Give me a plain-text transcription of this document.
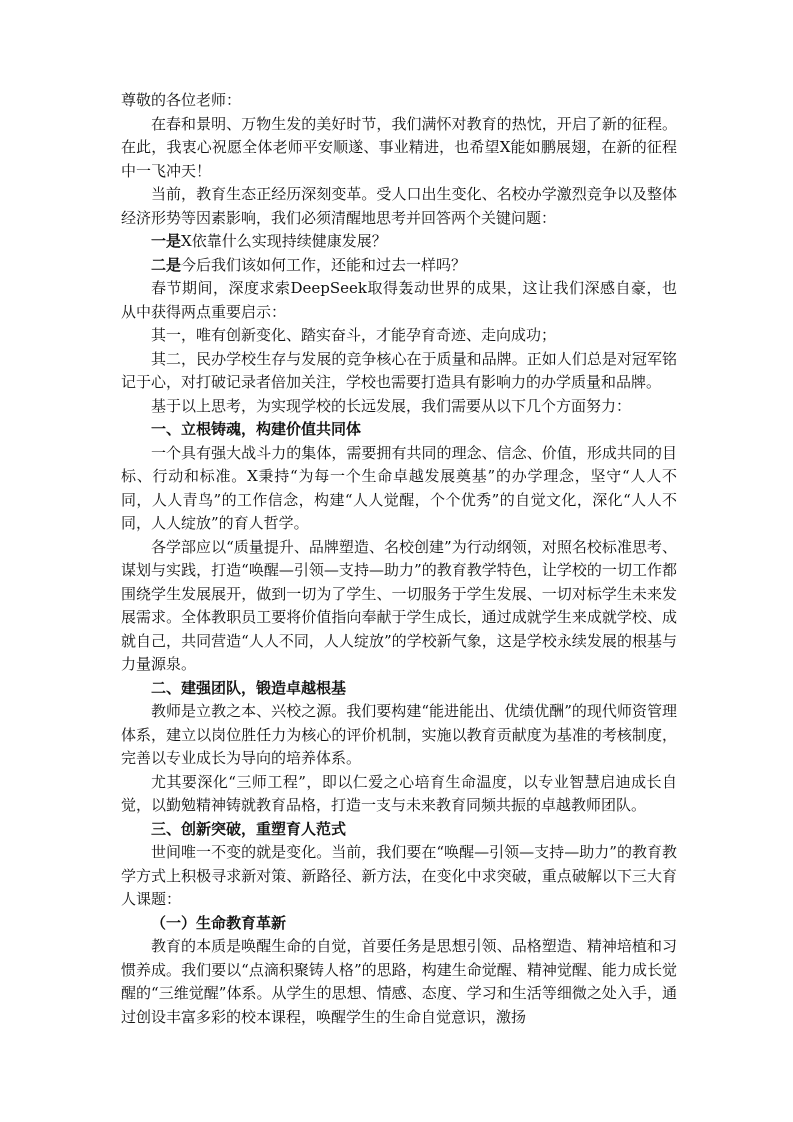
尊敬的各位老师：

在春和景明、万物生发的美好时节，我们满怀对教育的热忱，开启了新的征程。在此，我衷心祝愿全体老师平安顺遂、事业精进，也希望X能如鹏展翅，在新的征程中一飞冲天！

当前，教育生态正经历深刻变革。受人口出生变化、名校办学激烈竞争以及整体经济形势等因素影响，我们必须清醒地思考并回答两个关键问题：

一是X依靠什么实现持续健康发展？

二是今后我们该如何工作，还能和过去一样吗？

春节期间，深度求索DeepSeek取得轰动世界的成果，这让我们深感自豪，也从中获得两点重要启示：

其一，唯有创新变化、踏实奋斗，才能孕育奇迹、走向成功；

其二，民办学校生存与发展的竞争核心在于质量和品牌。正如人们总是对冠军铭记于心，对打破记录者倍加关注，学校也需要打造具有影响力的办学质量和品牌。

基于以上思考，为实现学校的长远发展，我们需要从以下几个方面努力：

一、立根铸魂，构建价值共同体

一个具有强大战斗力的集体，需要拥有共同的理念、信念、价值，形成共同的目标、行动和标准。X秉持“为每一个生命卓越发展奠基”的办学理念，坚守“人人不同，人人青鸟”的工作信念，构建“人人觉醒，个个优秀”的自觉文化，深化“人人不同，人人绽放”的育人哲学。

各学部应以“质量提升、品牌塑造、名校创建”为行动纲领，对照名校标准思考、谋划与实践，打造“唤醒—引领—支持—助力”的教育教学特色，让学校的一切工作都围绕学生发展展开，做到一切为了学生、一切服务于学生发展、一切对标学生未来发展需求。全体教职员工要将价值指向奉献于学生成长，通过成就学生来成就学校、成就自己，共同营造“人人不同，人人绽放”的学校新气象，这是学校永续发展的根基与力量源泉。

二、建强团队，锻造卓越根基

教师是立教之本、兴校之源。我们要构建“能进能出、优绩优酬”的现代师资管理体系，建立以岗位胜任力为核心的评价机制，实施以教育贡献度为基准的考核制度，完善以专业成长为导向的培养体系。

尤其要深化“三师工程”，即以仁爱之心培育生命温度，以专业智慧启迪成长自觉，以勤勉精神铸就教育品格，打造一支与未来教育同频共振的卓越教师团队。

三、创新突破，重塑育人范式

世间唯一不变的就是变化。当前，我们要在“唤醒—引领—支持—助力”的教育教学方式上积极寻求新对策、新路径、新方法，在变化中求突破，重点破解以下三大育人课题：

（一）生命教育革新

教育的本质是唤醒生命的自觉，首要任务是思想引领、品格塑造、精神培植和习惯养成。我们要以“点滴积聚铸人格”的思路，构建生命觉醒、精神觉醒、能力成长觉醒的“三维觉醒”体系。从学生的思想、情感、态度、学习和生活等细微之处入手，通过创设丰富多彩的校本课程，唤醒学生的生命自觉意识，激扬
